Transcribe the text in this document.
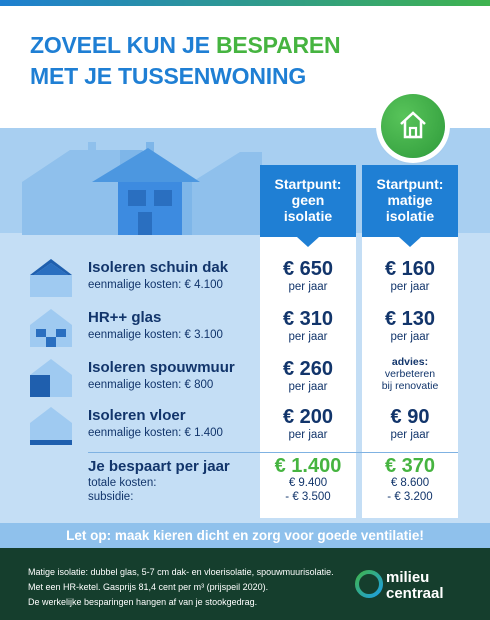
ZOVEEL KUN JE BESPAREN
MET JE TUSSENWONING
Startpunt:
geen
isolatie
Startpunt:
matige
isolatie
Isoleren schuin dak
eenmalige kosten: € 4.100
€ 650
per jaar
€ 160
per jaar
HR++ glas
eenmalige kosten: € 3.100
€ 310
per jaar
€ 130
per jaar
Isoleren spouwmuur
eenmalige kosten: € 800
€ 260
per jaar
advies:
verbeteren
bij renovatie
Isoleren vloer
eenmalige kosten: € 1.400
€ 200
per jaar
€ 90
per jaar
Je bespaart per jaar
totale kosten:
subsidie:
€ 1.400
€ 9.400
- € 3.500
€ 370
€ 8.600
- € 3.200
Let op: maak kieren dicht en zorg voor goede ventilatie!
Matige isolatie: dubbel glas, 5-7 cm dak- en vloerisolatie, spouwmuurisolatie.
Met een HR-ketel. Gasprijs 81,4 cent per m³ (prijspeil 2020).
De werkelijke besparingen hangen af van je stookgedrag.
milieu
centraal
